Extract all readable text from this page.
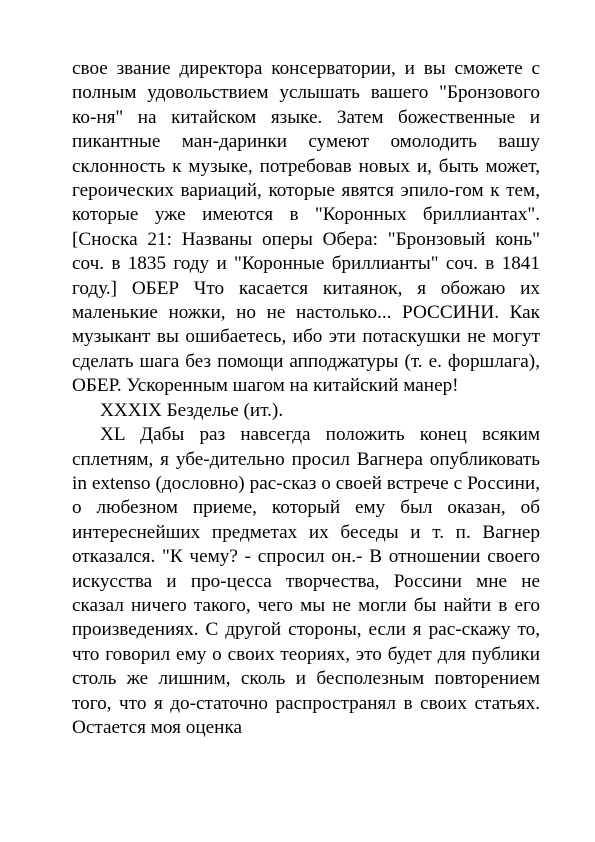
свое звание директора консерватории, и вы сможете с полным удовольствием услышать вашего "Бронзового ко-ня" на китайском языке. Затем божественные и пикантные ман-даринки сумеют омолодить вашу склонность к музыке, потребовав новых и, быть может, героических вариаций, которые явятся эпило-гом к тем, которые уже имеются в "Коронных бриллиантах". [Сноска 21: Названы оперы Обера: "Бронзовый конь" соч. в 1835 году и "Коронные бриллианты" соч. в 1841 году.] ОБЕР Что касается китаянок, я обожаю их маленькие ножки, но не настолько... РОССИНИ. Как музыкант вы ошибаетесь, ибо эти потаскушки не могут сделать шага без помощи апподжатуры (т. е. форшлага), ОБЕР. Ускоренным шагом на китайский манер!

XXXIX Безделье (ит.).

XL Дабы раз навсегда положить конец всяким сплетням, я убе-дительно просил Вагнера опубликовать in extenso (дословно) рас-сказ о своей встрече с Россини, о любезном приеме, который ему был оказан, об интереснейших предметах их беседы и т. п. Вагнер отказался. "К чему? - спросил он.- В отношении своего искусства и про-цесса творчества, Россини мне не сказал ничего такого, чего мы не могли бы найти в его произведениях. С другой стороны, если я рас-скажу то, что говорил ему о своих теориях, это будет для публики столь же лишним, сколь и бесполезным повторением того, что я до-статочно распространял в своих статьях. Остается моя оценка
